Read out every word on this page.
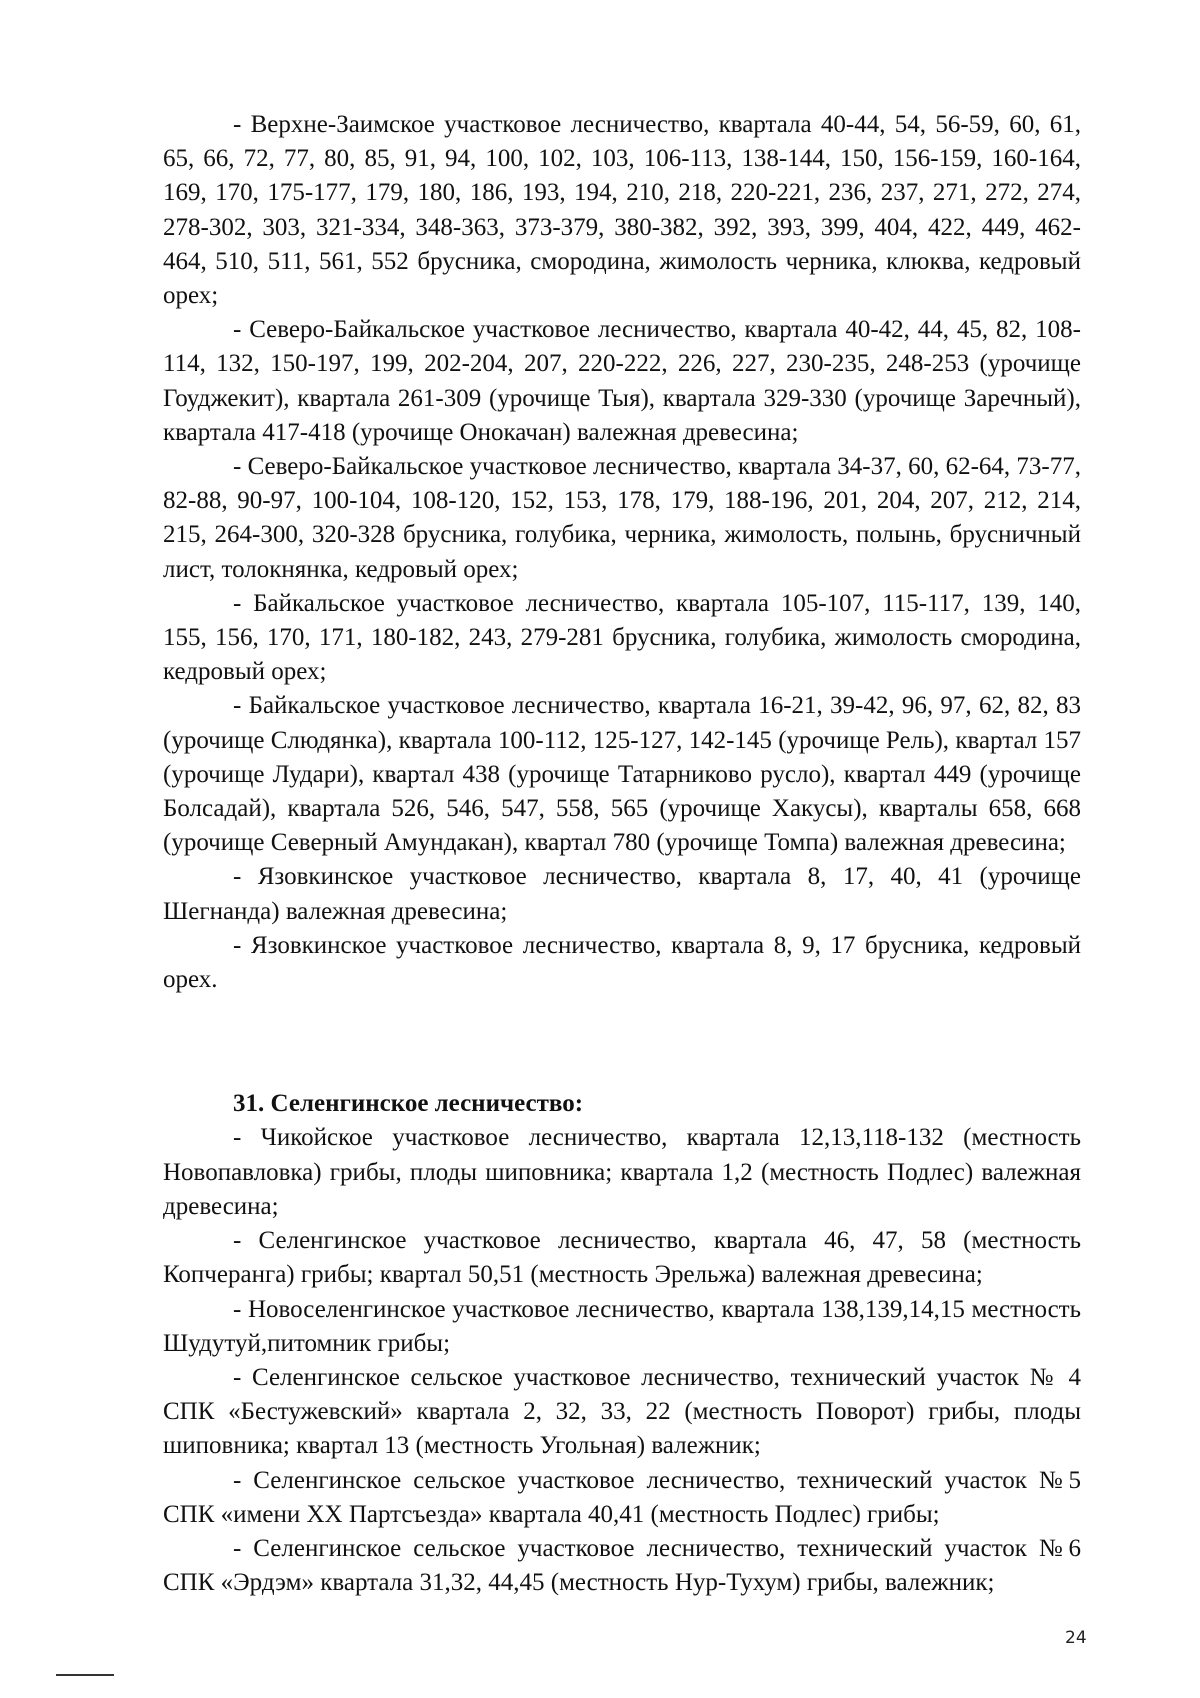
- Верхне-Заимское участковое лесничество, квартала 40-44, 54, 56-59, 60, 61, 65, 66, 72, 77, 80, 85, 91, 94, 100, 102, 103, 106-113, 138-144, 150, 156-159, 160-164, 169, 170, 175-177, 179, 180, 186, 193, 194, 210, 218, 220-221, 236, 237, 271, 272, 274, 278-302, 303, 321-334, 348-363, 373-379, 380-382, 392, 393, 399, 404, 422, 449, 462-464, 510, 511, 561, 552 брусника, смородина, жимолость черника, клюква, кедровый орех;

- Северо-Байкальское участковое лесничество, квартала 40-42, 44, 45, 82, 108-114, 132, 150-197, 199, 202-204, 207, 220-222, 226, 227, 230-235, 248-253 (урочище Гоуджекит), квартала 261-309 (урочище Тыя), квартала 329-330 (урочище Заречный), квартала 417-418 (урочище Онокачан) валежная древесина;

- Северо-Байкальское участковое лесничество, квартала 34-37, 60, 62-64, 73-77, 82-88, 90-97, 100-104, 108-120, 152, 153, 178, 179, 188-196, 201, 204, 207, 212, 214, 215, 264-300, 320-328 брусника, голубика, черника, жимолость, полынь, брусничный лист, толокнянка, кедровый орех;

- Байкальское участковое лесничество, квартала 105-107, 115-117, 139, 140, 155, 156, 170, 171, 180-182, 243, 279-281 брусника, голубика, жимолость смородина, кедровый орех;

- Байкальское участковое лесничество, квартала 16-21, 39-42, 96, 97, 62, 82, 83 (урочище Слюдянка), квартала 100-112, 125-127, 142-145 (урочище Рель), квартал 157 (урочище Лудари), квартал 438 (урочище Татарниково русло), квартал 449 (урочище Болсадай), квартала 526, 546, 547, 558, 565 (урочище Хакусы), кварталы 658, 668 (урочище Северный Амундакан), квартал 780 (урочище Томпа) валежная древесина;

- Язовкинское участковое лесничество, квартала 8, 17, 40, 41 (урочище Шегнанда) валежная древесина;

- Язовкинское участковое лесничество, квартала 8, 9, 17 брусника, кедровый орех.

31. Селенгинское лесничество:

- Чикойское участковое лесничество, квартала 12,13,118-132 (местность Новопавловка) грибы, плоды шиповника; квартала 1,2 (местность Подлес) валежная древесина;

- Селенгинское участковое лесничество, квартала 46, 47, 58 (местность Копчеранга) грибы; квартал 50,51 (местность Эрельжа) валежная древесина;

- Новоселенгинское участковое лесничество, квартала 138,139,14,15 местность Шудутуй,питомник грибы;

- Селенгинское сельское участковое лесничество, технический участок № 4 СПК «Бестужевский» квартала 2, 32, 33, 22 (местность Поворот) грибы, плоды шиповника; квартал 13 (местность Угольная) валежник;

- Селенгинское сельское участковое лесничество, технический участок №5 СПК «имени XX Партсъезда» квартала 40,41 (местность Подлес) грибы;

- Селенгинское сельское участковое лесничество, технический участок №6 СПК «Эрдэм» квартала 31,32, 44,45 (местность Нур-Тухум) грибы, валежник;

24
